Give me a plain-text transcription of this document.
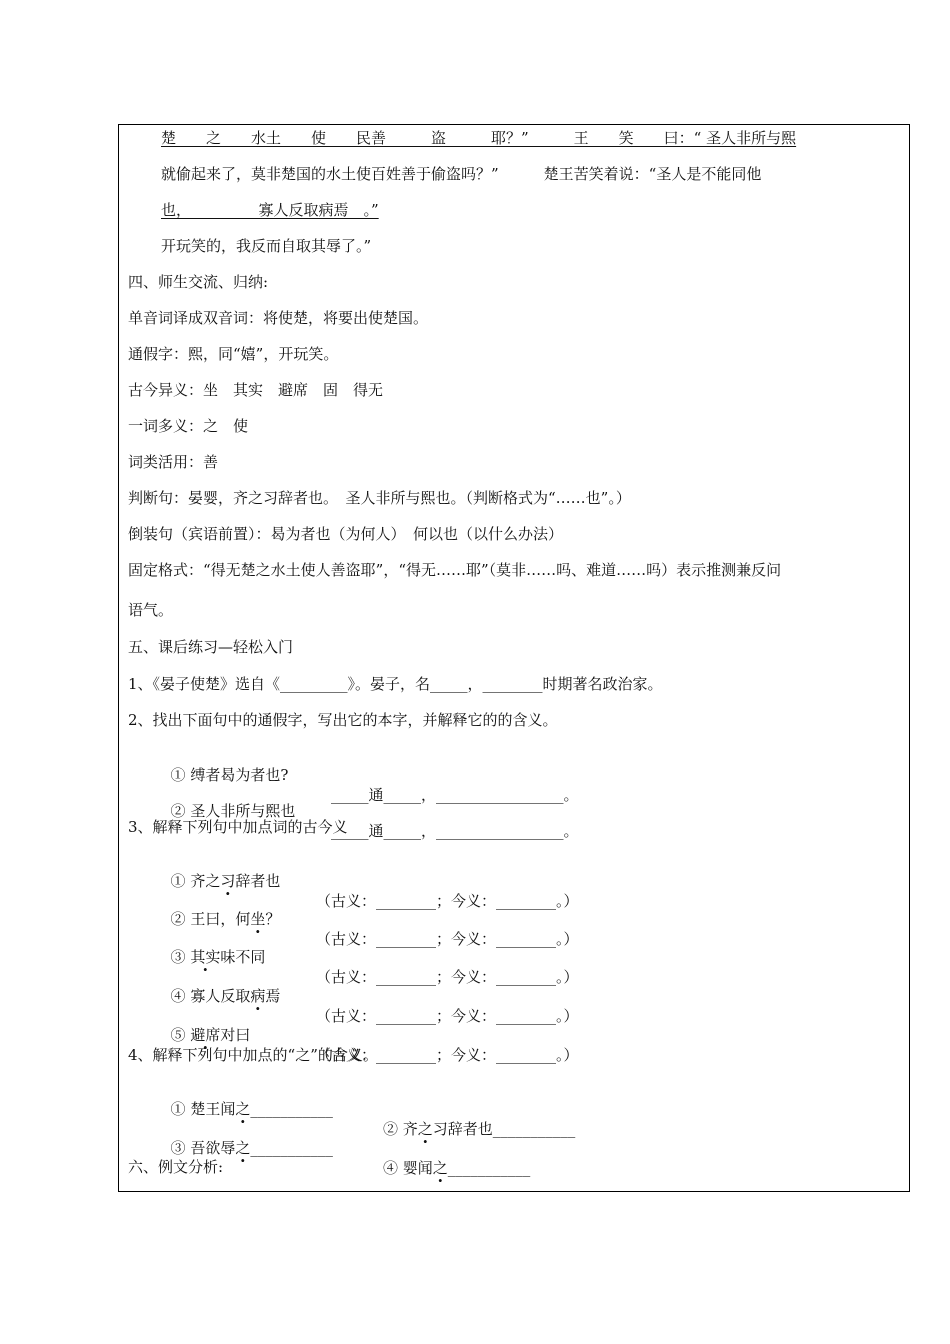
楚　　之　　水土　　使　　民善　　　盗　　　耶？”　　　王　　笑　　曰：“ 圣人非所与熙
就偷起来了，莫非楚国的水土使百姓善于偷盗吗？”　　　楚王苦笑着说：“圣人是不能同他
也，　　　　　寡人反取病焉　。”
开玩笑的，我反而自取其辱了。”
四、师生交流、归纳:
单音词译成双音词：将使楚，将要出使楚国。
通假字：熙，同“嬉”，开玩笑。
古今异义：坐　其实　避席　固　得无
一词多义：之　使
词类活用：善
判断句：晏婴，齐之习辞者也。　圣人非所与熙也。（判断格式为“……也”。）
倒装句（宾语前置）：曷为者也（为何人）　何以也（以什么办法）
固定格式：“得无楚之水土使人善盗耶”，“得无……耶”（莫非……吗、难道……吗）表示推测兼反问
语气。
五、课后练习—轻松入门
1、《晏子使楚》选自《_________》。晏子，名_____，________时期著名政治家。
2、找出下面句中的通假字，写出它的本字，并解释它的的含义。

① 缚者曷为者也?

_____通_____，_________________。

② 圣人非所与熙也

_____通_____，_________________。

3、解释下列句中加点词的古今义

① 齐之习辞者也

（古义：________；今义：________。）

② 王曰，何坐？

（古义：________；今义：________。）

③ 其实味不同

（古义：________；今义：________。）

④ 寡人反取病焉

（古义：________；今义：________。）

⑤ 避席对曰

（古义：________；今义：________。）

4、解释下列句中加点的“之”的含义。

① 楚王闻之___________

② 齐之习辞者也___________

③ 吾欲辱之___________

④ 婴闻之___________

六、例文分析:
